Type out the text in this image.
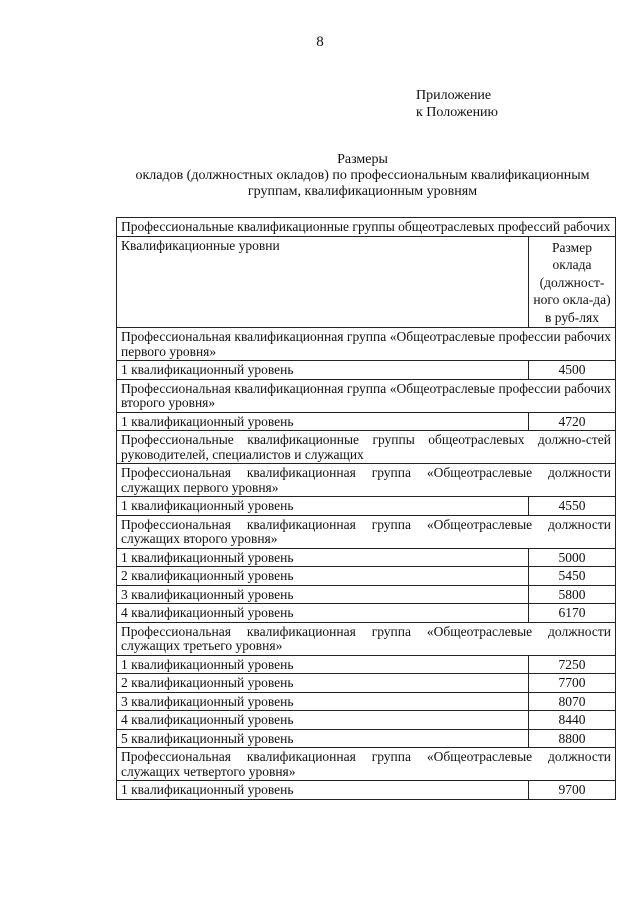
8
Приложение
к Положению
Размеры
окладов (должностных окладов) по профессиональным квалификационным
группам, квалификационным уровням
Профессиональные квалификационные группы общеотраслевых профессий рабочих	
Квалификационные уровни	Размер оклада (должност-ного окла-да) в руб-лях
Профессиональная квалификационная группа «Общеотраслевые профессии рабочих первого уровня»	
1 квалификационный уровень	4500
Профессиональная квалификационная группа «Общеотраслевые профессии рабочих второго уровня»	
1 квалификационный уровень	4720
Профессиональные квалификационные группы общеотраслевых должно-стей руководителей, специалистов и служащих	
Профессиональная квалификационная группа «Общеотраслевые должности служащих первого уровня»	
1 квалификационный уровень	4550
Профессиональная квалификационная группа «Общеотраслевые должности служащих второго уровня»	
1 квалификационный уровень	5000
2 квалификационный уровень	5450
3 квалификационный уровень	5800
4 квалификационный уровень	6170
Профессиональная квалификационная группа «Общеотраслевые должности служащих третьего уровня»	
1 квалификационный уровень	7250
2 квалификационный уровень	7700
3 квалификационный уровень	8070
4 квалификационный уровень	8440
5 квалификационный уровень	8800
Профессиональная квалификационная группа «Общеотраслевые должности служащих четвертого уровня»	
1 квалификационный уровень	9700
